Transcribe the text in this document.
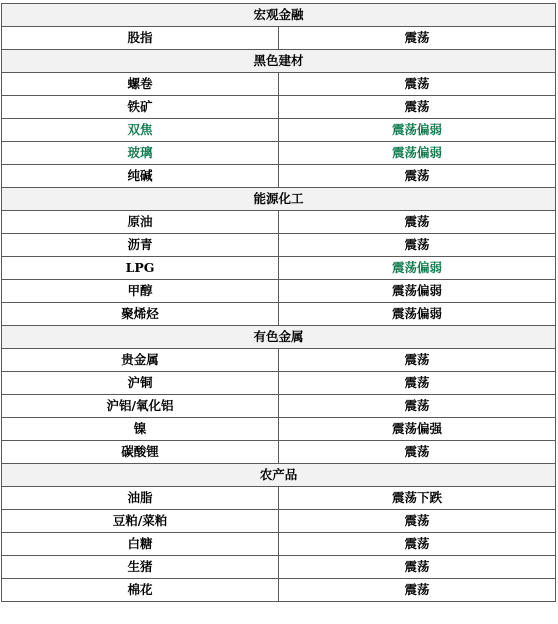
宏观金融	
股指	震荡
黑色建材	
螺卷	震荡
铁矿	震荡
双焦	震荡偏弱
玻璃	震荡偏弱
纯碱	震荡
能源化工	
原油	震荡
沥青	震荡
LPG	震荡偏弱
甲醇	震荡偏弱
聚烯烃	震荡偏弱
有色金属	
贵金属	震荡
沪铜	震荡
沪铝/氧化铝	震荡
镍	震荡偏强
碳酸锂	震荡
农产品	
油脂	震荡下跌
豆粕/菜粕	震荡
白糖	震荡
生猪	震荡
棉花	震荡
